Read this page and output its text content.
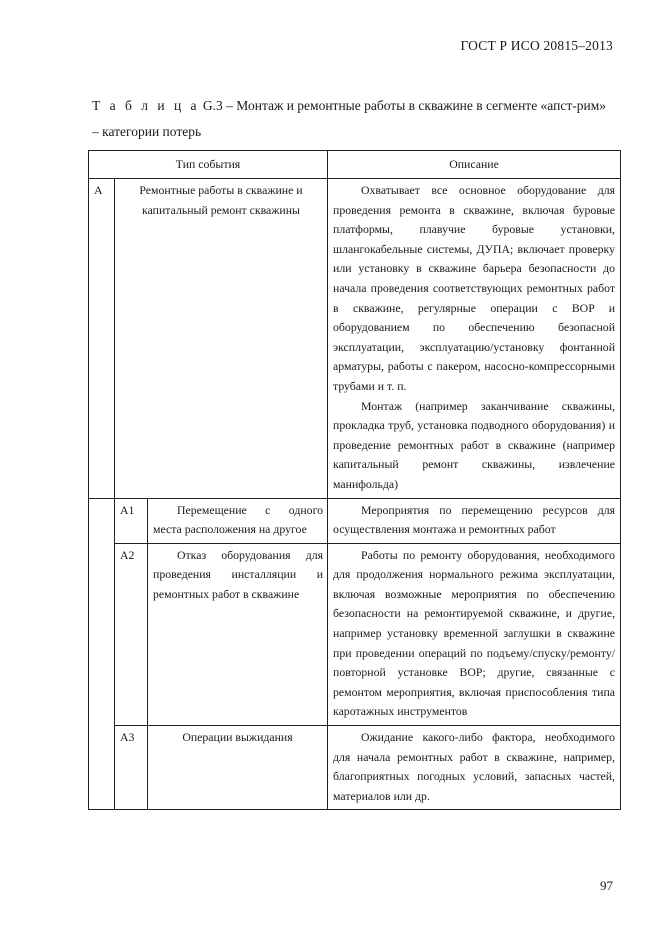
ГОСТ Р ИСО 20815–2013
Т а б л и ц а G.3 – Монтаж и ремонтные работы в скважине в сегменте «апст-рим» – категории потерь
Тип события			Описание
А	Ремонтные работы в скважине и капитальный ремонт скважины		Охватывает все основное оборудование для проведения ремонта в скважине, включая буровые платформы, плавучие буровые установки, шлангокабельные системы, ДУПА; включает проверку или установку в скважине барьера безопасности до начала проведения соответствующих ремонтных работ в скважине, регулярные операции с BOP и оборудованием по обеспечению безопасной эксплуатации, эксплуатацию/установку фонтанной арматуры, работы с пакером, насосно-компрессорными трубами и т. п.

Монтаж (например заканчивание скважины, прокладка труб, установка подводного оборудования) и проведение ремонтных работ в скважине (например капитальный ремонт скважины, извлечение манифольда)

	А1	Перемещение с одного места расположения на другое	Мероприятия по перемещению ресурсов для осуществления монтажа и ремонтных работ

	А2	Отказ оборудования для проведения инсталляции и ремонтных работ в скважине	Работы по ремонту оборудования, необходимого для продолжения нормального режима эксплуатации, включая возможные мероприятия по обеспечению безопасности на ремонтируемой скважине, и другие, например установку временной заглушки в скважине при проведении операций по подъему/спуску/ремонту/повторной установке BOP; другие, связанные с ремонтом мероприятия, включая приспособления типа каротажных инструментов

	А3	Операции выжидания	Ожидание какого-либо фактора, необходимого для начала ремонтных работ в скважине, например, благоприятных погодных условий, запасных частей, материалов или др.

97
